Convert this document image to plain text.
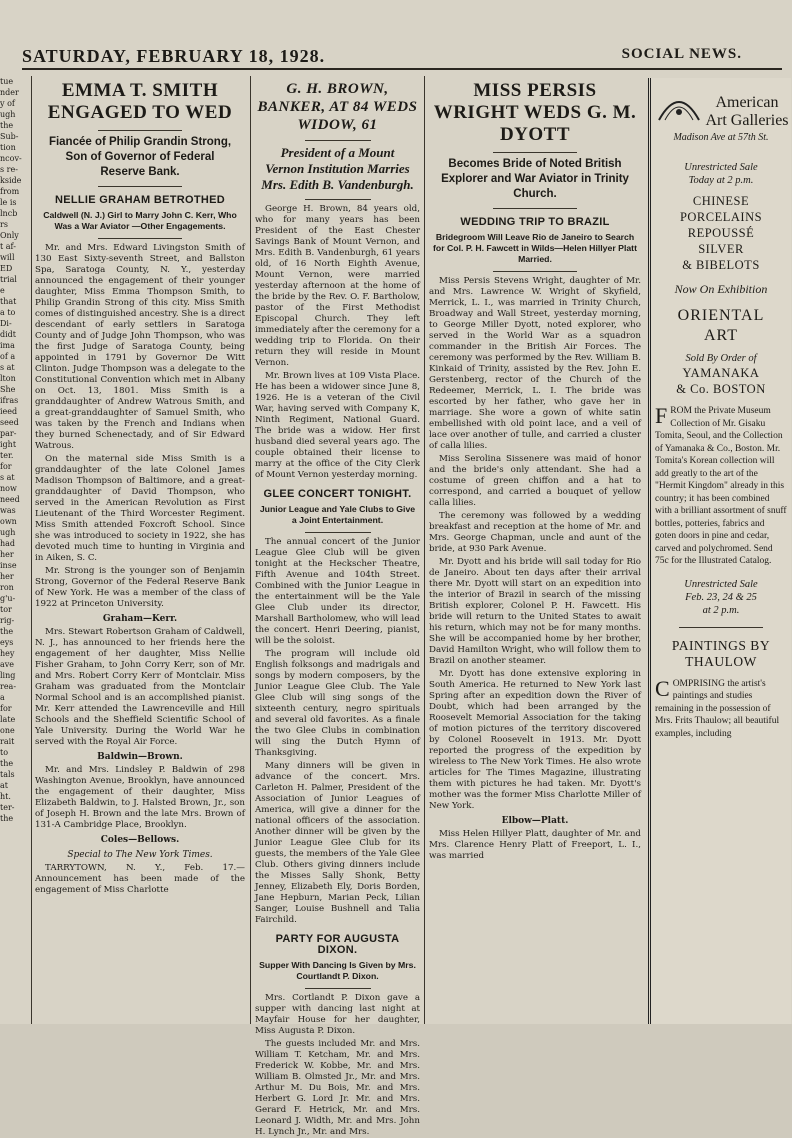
SATURDAY, FEBRUARY 18, 1928.	SOCIAL NEWS.
tue
nder
y of
ugh
the
Sub-
tion
ncov-
s re-
kside
from
le is
lncb
rs
Only
t af-
will
ED
trial
e
that
a to
Di-
didt
ima
of a
s at
lton
She
ifras
ieed
seed
par-
ight
ter.
for
s at
now
need
was
own
ugh
had
her
inse
her
ron
g'u-
tor
rig-
the
eys
hey
ave
ling
rea-
a
for
late
one
rait
to
the
tals
at
ht.
ter-
the
EMMA T. SMITH ENGAGED TO WED
Fiancée of Philip Grandin Strong, Son of Governor of Federal Reserve Bank.
NELLIE GRAHAM BETROTHED
Caldwell (N. J.) Girl to Marry John C. Kerr, Who Was a War Aviator —Other Engagements.

Mr. and Mrs. Edward Livingston Smith of 130 East Sixty-seventh Street, and Ballston Spa, Saratoga County, N. Y., yesterday announced the engagement of their younger daughter, Miss Emma Thompson Smith, to Philip Grandin Strong of this city. Miss Smith comes of distinguished ancestry. She is a direct descendant of early settlers in Saratoga County and of Judge John Thompson, who was the first Judge of Saratoga County, being appointed in 1791 by Governor De Witt Clinton. Judge Thompson was a delegate to the Constitutional Convention which met in Albany on Oct. 13, 1801. Miss Smith is a granddaughter of Andrew Watrous Smith, and a great-granddaughter of Samuel Smith, who was taken by the French and Indians when they burned Schenectady, and of Sir Edward Watrous.

On the maternal side Miss Smith is a granddaughter of the late Colonel James Madison Thompson of Baltimore, and a great-granddaughter of David Thompson, who served in the American Revolution as First Lieutenant of the Third Worcester Regiment. Miss Smith attended Foxcroft School. Since she was introduced to society in 1922, she has devoted much time to hunting in Virginia and in Aiken, S. C.

Mr. Strong is the younger son of Benjamin Strong, Governor of the Federal Reserve Bank of New York. He was a member of the class of 1922 at Princeton University.

Graham—Kerr.

Mrs. Stewart Robertson Graham of Caldwell, N. J., has announced to her friends here the engagement of her daughter, Miss Nellie Fisher Graham, to John Corry Kerr, son of Mr. and Mrs. Robert Corry Kerr of Montclair. Miss Graham was graduated from the Montclair Normal School and is an accomplished pianist. Mr. Kerr attended the Lawrenceville and Hill Schools and the Sheffield Scientific School of Yale University. During the World War he served with the Royal Air Force.

Baldwin—Brown.

Mr. and Mrs. Lindsley P. Baldwin of 298 Washington Avenue, Brooklyn, have announced the engagement of their daughter, Miss Elizabeth Baldwin, to J. Halsted Brown, Jr., son of Joseph H. Brown and the late Mrs. Brown of 131-A Cambridge Place, Brooklyn.

Coles—Bellows.
Special to The New York Times.

TARRYTOWN, N. Y., Feb. 17.—Announcement has been made of the engagement of Miss Charlotte

G. H. BROWN, BANKER, AT 84 WEDS WIDOW, 61
President of a Mount Vernon Institution Marries Mrs. Edith B. Vandenburgh.

George H. Brown, 84 years old, who for many years has been President of the East Chester Savings Bank of Mount Vernon, and Mrs. Edith B. Vandenburgh, 61 years old, of 16 North Eighth Avenue, Mount Vernon, were married yesterday afternoon at the home of the bride by the Rev. O. F. Bartholow, pastor of the First Methodist Episcopal Church. They left immediately after the ceremony for a wedding trip to Florida. On their return they will reside in Mount Vernon.

Mr. Brown lives at 109 Vista Place. He has been a widower since June 8, 1926. He is a veteran of the Civil War, having served with Company K, Ninth Regiment, National Guard. The bride was a widow. Her first husband died several years ago. The couple obtained their license to marry at the office of the City Clerk of Mount Vernon yesterday morning.

GLEE CONCERT TONIGHT.
Junior League and Yale Clubs to Give a Joint Entertainment.

The annual concert of the Junior League Glee Club will be given tonight at the Heckscher Theatre, Fifth Avenue and 104th Street. Combined with the Junior League in the entertainment will be the Yale Glee Club under its director, Marshall Bartholomew, who will lead the concert. Henri Deering, pianist, will be the soloist.

The program will include old English folksongs and madrigals and songs by modern composers, by the Junior League Glee Club. The Yale Glee Club will sing songs of the sixteenth century, negro spirituals and several old favorites. As a finale the two Glee Clubs in combination will sing the Dutch Hymn of Thanksgiving.

Many dinners will be given in advance of the concert. Mrs. Carleton H. Palmer, President of the Association of Junior Leagues of America, will give a dinner for the national officers of the association. Another dinner will be given by the Junior League Glee Club for its guests, the members of the Yale Glee Club. Others giving dinners include the Misses Sally Shonk, Betty Jenney, Elizabeth Ely, Doris Borden, Jane Hepburn, Marian Peck, Lilian Sanger, Louise Bushnell and Talia Fairchild.

PARTY FOR AUGUSTA DIXON.
Supper With Dancing Is Given by Mrs. Courtlandt P. Dixon.

Mrs. Cortlandt P. Dixon gave a supper with dancing last night at Mayfair House for her daughter, Miss Augusta P. Dixon.

The guests included Mr. and Mrs. William T. Ketcham, Mr. and Mrs. Frederick W. Kobbe, Mr. and Mrs. William B. Olmsted Jr., Mr. and Mrs. Arthur M. Du Bois, Mr. and Mrs. Herbert G. Lord Jr. Mr. and Mrs. Gerard F. Hetrick, Mr. and Mrs. Leonard J. Width, Mr. and Mrs. John H. Lynch Jr., Mr. and Mrs.

MISS PERSIS WRIGHT WEDS G. M. DYOTT
Becomes Bride of Noted British Explorer and War Aviator in Trinity Church.
WEDDING TRIP TO BRAZIL
Bridegroom Will Leave Rio de Janeiro to Search for Col. P. H. Fawcett in Wilds—Helen Hillyer Platt Married.

Miss Persis Stevens Wright, daughter of Mr. and Mrs. Lawrence W. Wright of Skyfield, Merrick, L. I., was married in Trinity Church, Broadway and Wall Street, yesterday morning, to George Miller Dyott, noted explorer, who served in the World War as a squadron commander in the British Air Forces. The ceremony was performed by the Rev. William B. Kinkaid of Trinity, assisted by the Rev. John E. Gerstenberg, rector of the Church of the Redeemer, Merrick, L. I. The bride was escorted by her father, who gave her in marriage. She wore a gown of white satin embellished with old point lace, and a veil of lace over another of tulle, and carried a cluster of calla lilies.

Miss Serolina Sissenere was maid of honor and the bride's only attendant. She had a costume of green chiffon and a hat to correspond, and carried a bouquet of yellow calla lilies.

The ceremony was followed by a wedding breakfast and reception at the home of Mr. and Mrs. George Chapman, uncle and aunt of the bride, at 930 Park Avenue.

Mr. Dyott and his bride will sail today for Rio de Janeiro. About ten days after their arrival there Mr. Dyott will start on an expedition into the interior of Brazil in search of the missing British explorer, Colonel P. H. Fawcett. His bride will return to the United States to await his return, which may not be for many months. She will be accompanied home by her brother, David Hamilton Wright, who will follow them to Brazil on another steamer.

Mr. Dyott has done extensive exploring in South America. He returned to New York last Spring after an expedition down the River of Doubt, which had been arranged by the Roosevelt Memorial Association for the taking of motion pictures of the territory discovered by Colonel Roosevelt in 1913. Mr. Dyott reported the progress of the expedition by wireless to The New York Times. He also wrote articles for The Times Magazine, illustrating them with pictures he had taken. Mr. Dyott's mother was the former Miss Charlotte Miller of New York.

Elbow—Platt.

Miss Helen Hillyer Platt, daughter of Mr. and Mrs. Clarence Henry Platt of Freeport, L. I., was married

American
Art Galleries
Madison Ave at 57th St.
Unrestricted Sale
Today at 2 p.m.
CHINESE
PORCELAINS
REPOUSSÉ
SILVER
& BIBELOTS
Now On Exhibition
ORIENTAL
ART
Sold By Order of
YAMANAKA
& Co. BOSTON
FROM the Private Museum Collection of Mr. Gisaku Tomita, Seoul, and the Collection of Yamanaka & Co., Boston. Mr. Tomita's Korean collection will add greatly to the art of the "Hermit Kingdom" already in this country; it has been combined with a brilliant assortment of snuff bottles, potteries, fabrics and goten doors in pine and cedar, carved and polychromed. Send 75c for the Illustrated Catalog.
Unrestricted Sale
Feb. 23, 24 & 25
at 2 p.m.
PAINTINGS BY
THAULOW
COMPRISING the artist's paintings and studies remaining in the possession of Mrs. Frits Thaulow; all beautiful examples, including
